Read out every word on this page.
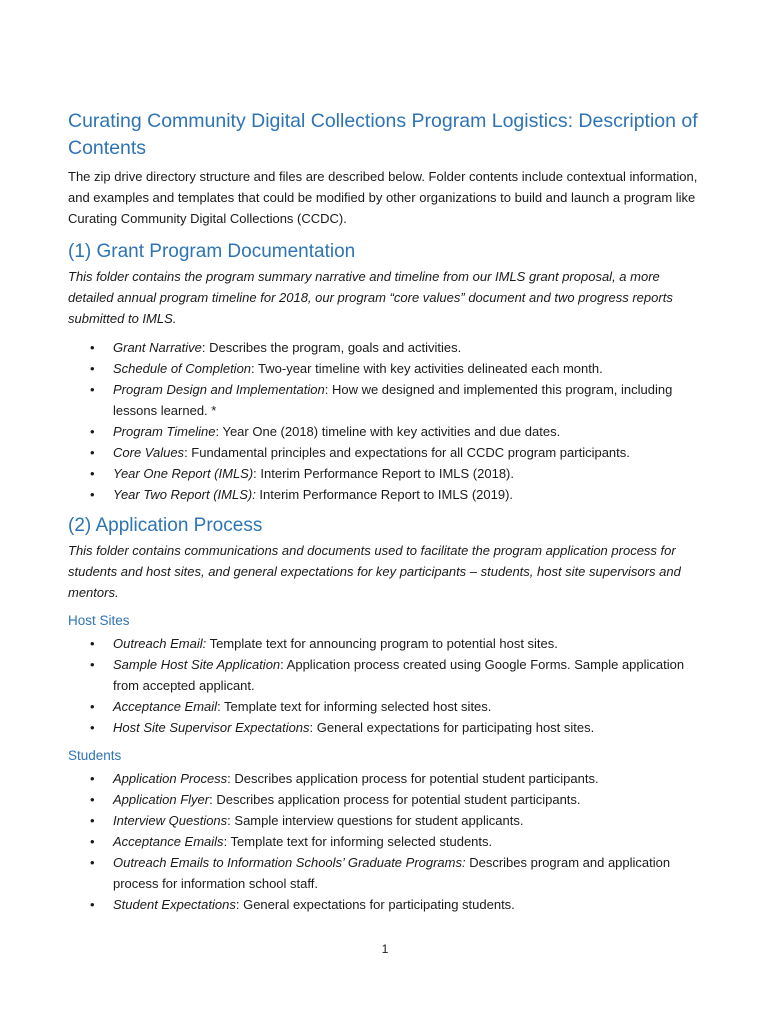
Curating Community Digital Collections Program Logistics: Description of Contents

The zip drive directory structure and files are described below. Folder contents include contextual information, and examples and templates that could be modified by other organizations to build and launch a program like Curating Community Digital Collections (CCDC).

(1) Grant Program Documentation

This folder contains the program summary narrative and timeline from our IMLS grant proposal, a more detailed annual program timeline for 2018, our program “core values” document and two progress reports submitted to IMLS.

• Grant Narrative: Describes the program, goals and activities.
• Schedule of Completion: Two-year timeline with key activities delineated each month.
• Program Design and Implementation: How we designed and implemented this program, including lessons learned. *
• Program Timeline: Year One (2018) timeline with key activities and due dates.
• Core Values: Fundamental principles and expectations for all CCDC program participants.
• Year One Report (IMLS): Interim Performance Report to IMLS (2018).
• Year Two Report (IMLS): Interim Performance Report to IMLS (2019).
(2) Application Process

This folder contains communications and documents used to facilitate the program application process for students and host sites, and general expectations for key participants – students, host site supervisors and mentors.

Host Sites
• Outreach Email: Template text for announcing program to potential host sites.
• Sample Host Site Application: Application process created using Google Forms. Sample application from accepted applicant.
• Acceptance Email: Template text for informing selected host sites.
• Host Site Supervisor Expectations: General expectations for participating host sites.
Students
• Application Process: Describes application process for potential student participants.
• Application Flyer: Describes application process for potential student participants.
• Interview Questions: Sample interview questions for student applicants.
• Acceptance Emails: Template text for informing selected students.
• Outreach Emails to Information Schools’ Graduate Programs: Describes program and application process for information school staff.
• Student Expectations: General expectations for participating students.
1
